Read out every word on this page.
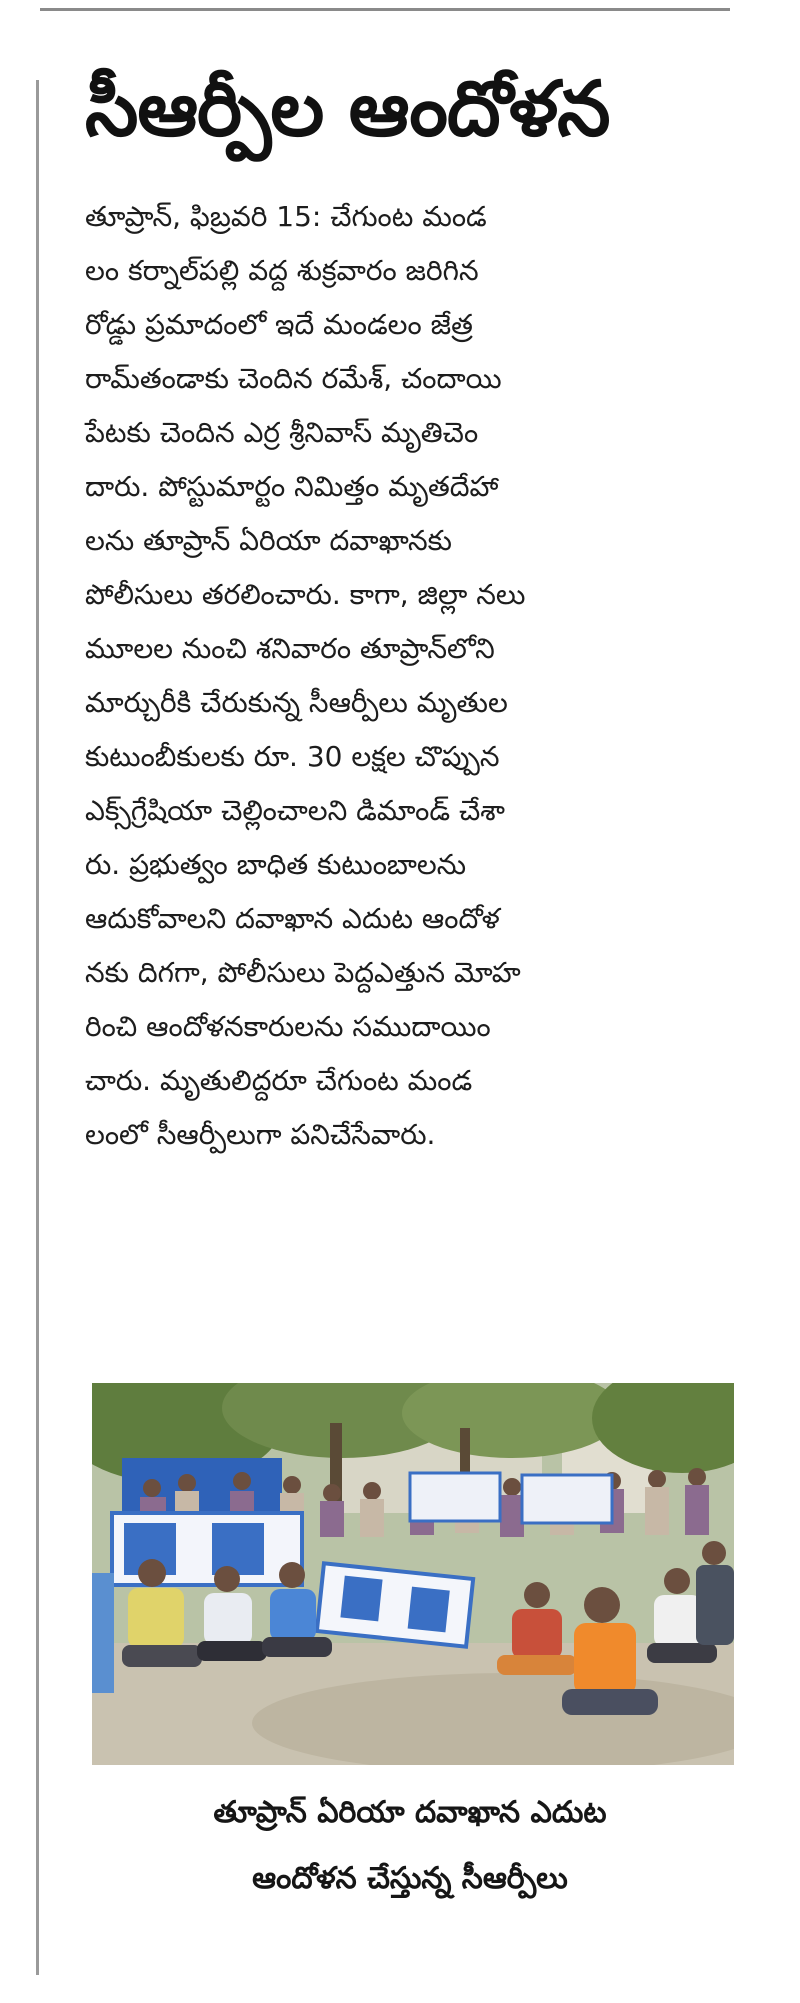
సీఆర్పీల ఆందోళన
తూప్రాన్, ఫిబ్రవరి 15: చేగుంట మండ
లం కర్నాల్‌పల్లి వద్ద శుక్రవారం జరిగిన
రోడ్డు ప్రమాదంలో ఇదే మండలం జేత్ర
రామ్‌తండాకు చెందిన రమేశ్, చందాయి
పేటకు చెందిన ఎర్ర శ్రీనివాస్ మృతిచెం
దారు. పోస్టుమార్టం నిమిత్తం మృతదేహా
లను తూప్రాన్ ఏరియా దవాఖానకు
పోలీసులు తరలించారు. కాగా, జిల్లా నలు
మూలల నుంచి శనివారం తూప్రాన్‌లోని
మార్చురీకి చేరుకున్న సీఆర్పీలు మృతుల
కుటుంబీకులకు రూ. 30 లక్షల చొప్పున
ఎక్స్‌గ్రేషియా చెల్లించాలని డిమాండ్ చేశా
రు. ప్రభుత్వం బాధిత కుటుంబాలను
ఆదుకోవాలని దవాఖాన ఎదుట ఆందోళ
నకు దిగగా, పోలీసులు పెద్దఎత్తున మోహ
రించి ఆందోళనకారులను సముదాయిం
చారు. మృతులిద్దరూ చేగుంట మండ
లంలో సీఆర్పీలుగా పనిచేసేవారు.
తూప్రాన్ ఏరియా దవాఖాన ఎదుట
ఆందోళన చేస్తున్న సీఆర్పీలు
